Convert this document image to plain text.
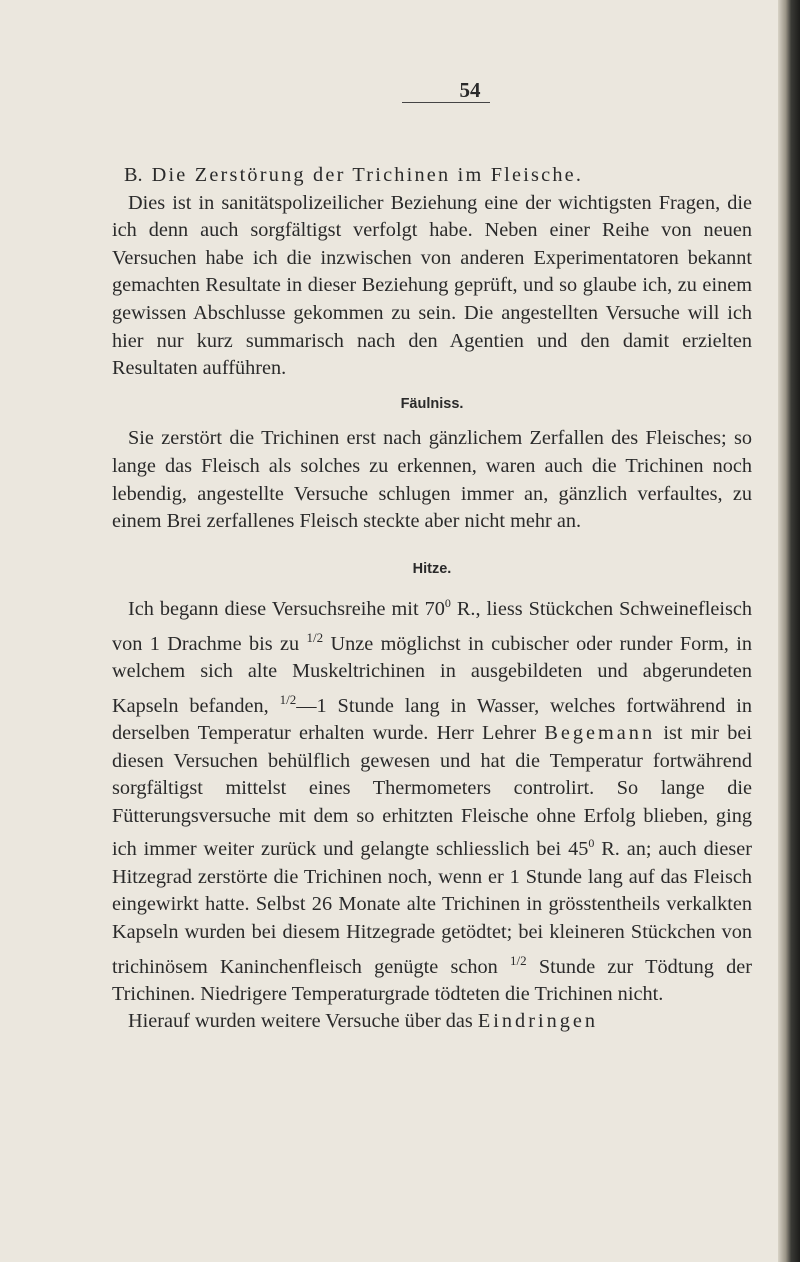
54
B. Die Zerstörung der Trichinen im Fleische.

Dies ist in sanitätspolizeilicher Beziehung eine der wichtigsten Fragen, die ich denn auch sorgfältigst verfolgt habe. Neben einer Reihe von neuen Versuchen habe ich die inzwischen von anderen Experimentatoren bekannt gemachten Resultate in dieser Beziehung geprüft, und so glaube ich, zu einem gewissen Abschlusse gekommen zu sein. Die angestellten Versuche will ich hier nur kurz summarisch nach den Agentien und den damit erzielten Resultaten aufführen.

Fäulniss.

Sie zerstört die Trichinen erst nach gänzlichem Zerfallen des Fleisches; so lange das Fleisch als solches zu erkennen, waren auch die Trichinen noch lebendig, angestellte Versuche schlugen immer an, gänzlich verfaultes, zu einem Brei zerfallenes Fleisch steckte aber nicht mehr an.

Hitze.

Ich begann diese Versuchsreihe mit $70^0$ R., liess Stückchen Schweinefleisch von 1 Drachme bis zu $^{1/2}$ Unze möglichst in cubischer oder runder Form, in welchem sich alte Muskeltrichinen in ausgebildeten und abgerundeten Kapseln befanden, $^{1/2}$—1 Stunde lang in Wasser, welches fortwährend in derselben Temperatur erhalten wurde. Herr Lehrer Begemann ist mir bei diesen Versuchen behülflich gewesen und hat die Temperatur fortwährend sorgfältigst mittelst eines Thermometers controlirt. So lange die Fütterungsversuche mit dem so erhitzten Fleische ohne Erfolg blieben, ging ich immer weiter zurück und gelangte schliesslich bei $45^0$ R. an; auch dieser Hitzegrad zerstörte die Trichinen noch, wenn er 1 Stunde lang auf das Fleisch eingewirkt hatte. Selbst 26 Monate alte Trichinen in grösstentheils verkalkten Kapseln wurden bei diesem Hitzegrade getödtet; bei kleineren Stückchen von trichinösem Kaninchenfleisch genügte schon $^{1/2}$ Stunde zur Tödtung der Trichinen. Niedrigere Temperaturgrade tödteten die Trichinen nicht.

Hierauf wurden weitere Versuche über das Eindringen
